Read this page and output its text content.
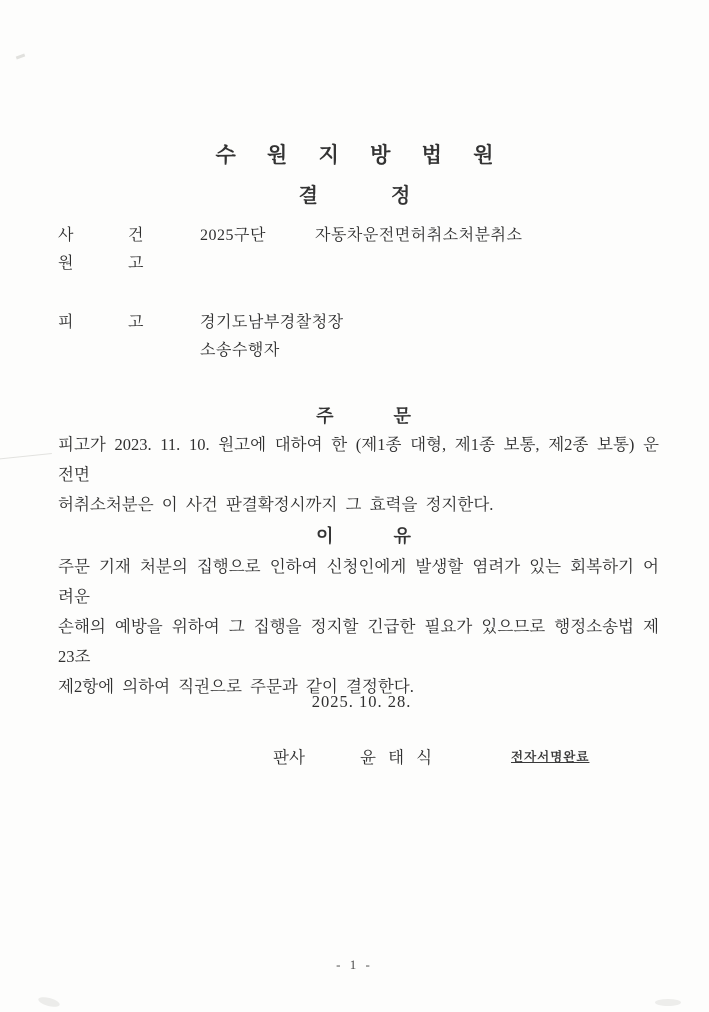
수 원 지 방 법 원
결	정
사	건	2025구단	자동차운전면허취소처분취소
원	고
피	고	경기도남부경찰청장
소송수행자
주	문
피고가 2023. 11. 10. 원고에 대하여 한 (제1종 대형, 제1종 보통, 제2종 보통) 운전면
허취소처분은 이 사건 판결확정시까지 그 효력을 정지한다.
이	유
주문 기재 처분의 집행으로 인하여 신청인에게 발생할 염려가 있는 회복하기 어려운
손해의 예방을 위하여 그 집행을 정지할 긴급한 필요가 있으므로 행정소송법 제23조
제2항에 의하여 직권으로 주문과 같이 결정한다.
2025. 10. 28.
판사	윤 태 식	전자서명완료
- 1 -
